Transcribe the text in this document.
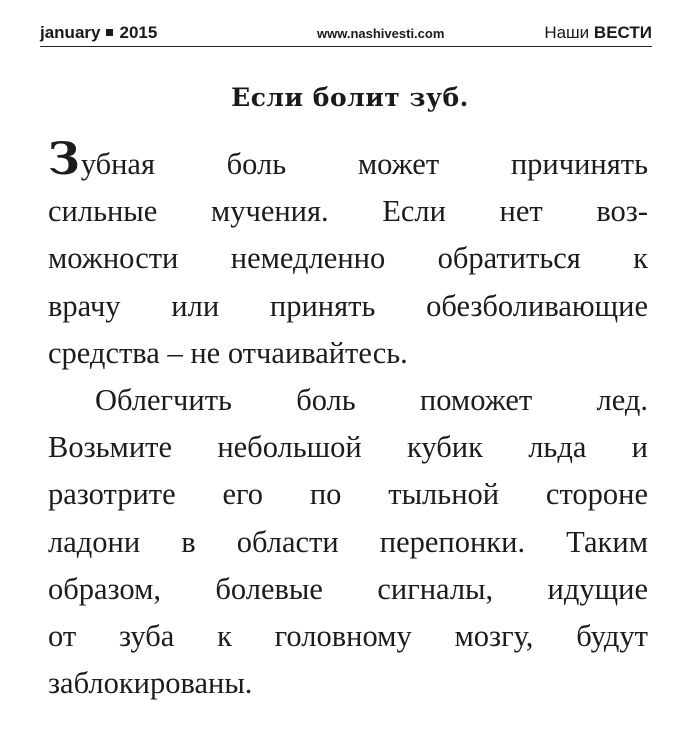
january 2015	www.nashivesti.com	Наши ВЕСТИ
Если болит зуб.

Зубная боль может причинять
сильные мучения. Если нет воз-
можности немедленно обратиться к
врачу или принять обезболивающие
средства – не отчаивайтесь.

Облегчить боль поможет лед.
Возьмите небольшой кубик льда и
разотрите его по тыльной стороне
ладони в области перепонки. Таким
образом, болевые сигналы, идущие
от зуба к головному мозгу, будут
заблокированы.
